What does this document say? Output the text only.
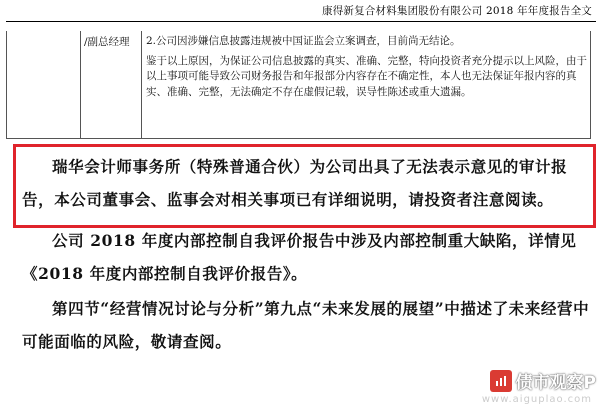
康得新复合材料集团股份有限公司 2018 年年度报告全文
/副总经理	2.公司因涉嫌信息披露违规被中国证监会立案调查，目前尚无结论。

鉴于以上原因，为保证公司信息披露的真实、准确、完整，特向投资者充分提示以上风险，由于以上事项可能导致公司财务报告和年报部分内容存在不确定性，本人也无法保证年报内容的真实、准确、完整，无法确定不存在虚假记载，误导性陈述或重大遗漏。

瑞华会计师事务所（特殊普通合伙）为公司出具了无法表示意见的审计报告，本公司董事会、监事会对相关事项已有详细说明，请投资者注意阅读。
公司 2018 年度内部控制自我评价报告中涉及内部控制重大缺陷，详情见《2018 年度内部控制自我评价报告》。
第四节“经营情况讨论与分析”第九点“未来发展的展望”中描述了未来经营中可能面临的风险，敬请查阅。
债市观察P
www.aiguplao.com
